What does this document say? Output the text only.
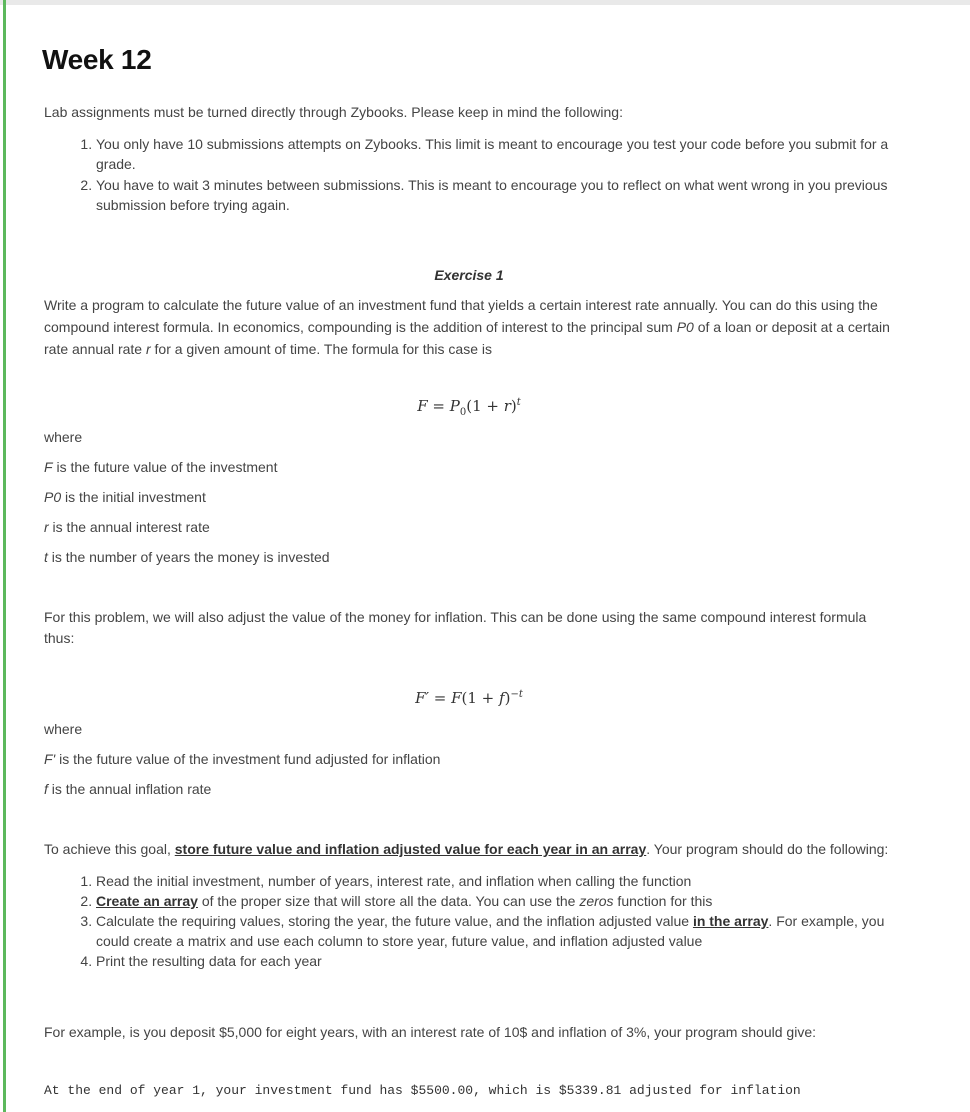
Week 12

Lab assignments must be turned directly through Zybooks. Please keep in mind the following:

1. You only have 10 submissions attempts on Zybooks. This limit is meant to encourage you test your code before you submit for a grade.
2. You have to wait 3 minutes between submissions. This is meant to encourage you to reflect on what went wrong in you previous submission before trying again.

Exercise 1

Write a program to calculate the future value of an investment fund that yields a certain interest rate annually. You can do this using the compound interest formula. In economics, compounding is the addition of interest to the principal sum P0 of a loan or deposit at a certain rate annual rate r for a given amount of time. The formula for this case is

$F = P_0(1 + r)^t$

where

F is the future value of the investment

P0 is the initial investment

r is the annual interest rate

t is the number of years the money is invested

For this problem, we will also adjust the value of the money for inflation. This can be done using the same compound interest formula thus:

$F' = F(1 + f)^{-t}$

where

F' is the future value of the investment fund adjusted for inflation

f is the annual inflation rate

To achieve this goal, store future value and inflation adjusted value for each year in an array. Your program should do the following:

1. Read the initial investment, number of years, interest rate, and inflation when calling the function
2. Create an array of the proper size that will store all the data. You can use the zeros function for this
3. Calculate the requiring values, storing the year, the future value, and the inflation adjusted value in the array. For example, you could create a matrix and use each column to store year, future value, and inflation adjusted value
4. Print the resulting data for each year

For example, is you deposit $5,000 for eight years, with an interest rate of 10$ and inflation of 3%, your program should give:

At the end of year 1, your investment fund has $5500.00, which is $5339.81 adjusted for inflation
